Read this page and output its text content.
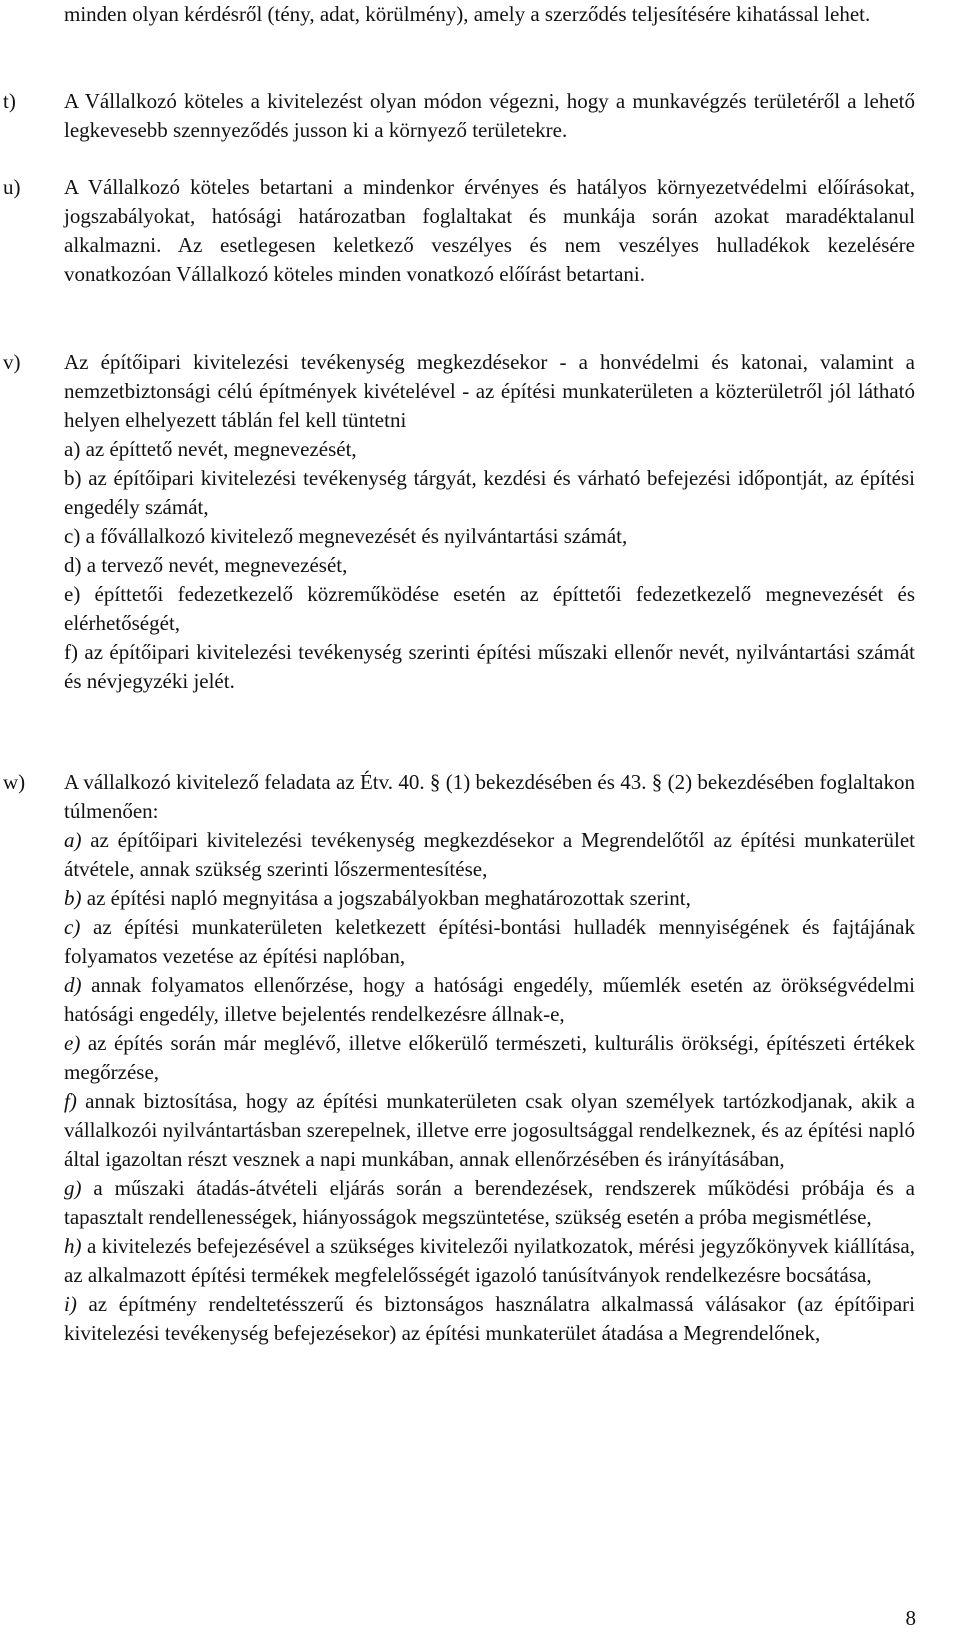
minden olyan kérdésről (tény, adat, körülmény), amely a szerződés teljesítésére kihatással lehet.
t) A Vállalkozó köteles a kivitelezést olyan módon végezni, hogy a munkavégzés területéről a lehető legkevesebb szennyeződés jusson ki a környező területekre.
u) A Vállalkozó köteles betartani a mindenkor érvényes és hatályos környezetvédelmi előírásokat, jogszabályokat, hatósági határozatban foglaltakat és munkája során azokat maradéktalanul alkalmazni. Az esetlegesen keletkező veszélyes és nem veszélyes hulladékok kezelésére vonatkozóan Vállalkozó köteles minden vonatkozó előírást betartani.
v) Az építőipari kivitelezési tevékenység megkezdésekor - a honvédelmi és katonai, valamint a nemzetbiztonsági célú építmények kivételével - az építési munkaterületen a közterületről jól látható helyen elhelyezett táblán fel kell tüntetni
a) az építtető nevét, megnevezését,
b) az építőipari kivitelezési tevékenység tárgyát, kezdési és várható befejezési időpontját, az építési engedély számát,
c) a fővállalkozó kivitelező megnevezését és nyilvántartási számát,
d) a tervező nevét, megnevezését,
e) építtetői fedezetkezelő közreműködése esetén az építtetői fedezetkezelő megnevezését és elérhetőségét,
f) az építőipari kivitelezési tevékenység szerinti építési műszaki ellenőr nevét, nyilvántartási számát és névjegyzéki jelét.
w) A vállalkozó kivitelező feladata az Étv. 40. § (1) bekezdésében és 43. § (2) bekezdésében foglaltakon túlmenően:
a) az építőipari kivitelezési tevékenység megkezdésekor a Megrendelőtől az építési munkaterület átvétele, annak szükség szerinti lőszermentesítése,
b) az építési napló megnyitása a jogszabályokban meghatározottak szerint,
c) az építési munkaterületen keletkezett építési-bontási hulladék mennyiségének és fajtájának folyamatos vezetése az építési naplóban,
d) annak folyamatos ellenőrzése, hogy a hatósági engedély, műemlék esetén az örökségvédelmi hatósági engedély, illetve bejelentés rendelkezésre állnak-e,
e) az építés során már meglévő, illetve előkerülő természeti, kulturális örökségi, építészeti értékek megőrzése,
f) annak biztosítása, hogy az építési munkaterületen csak olyan személyek tartózkodjanak, akik a vállalkozói nyilvántartásban szerepelnek, illetve erre jogosultsággal rendelkeznek, és az építési napló által igazoltan részt vesznek a napi munkában, annak ellenőrzésében és irányításában,
g) a műszaki átadás-átvételi eljárás során a berendezések, rendszerek működési próbája és a tapasztalt rendellenességek, hiányosságok megszüntetése, szükség esetén a próba megismétlése,
h) a kivitelezés befejezésével a szükséges kivitelezői nyilatkozatok, mérési jegyzőkönyvek kiállítása, az alkalmazott építési termékek megfelelősségét igazoló tanúsítványok rendelkezésre bocsátása,
i) az építmény rendeltetésszerű és biztonságos használatra alkalmassá válásakor (az építőipari kivitelezési tevékenység befejezésekor) az építési munkaterület átadása a Megrendelőnek,
8
